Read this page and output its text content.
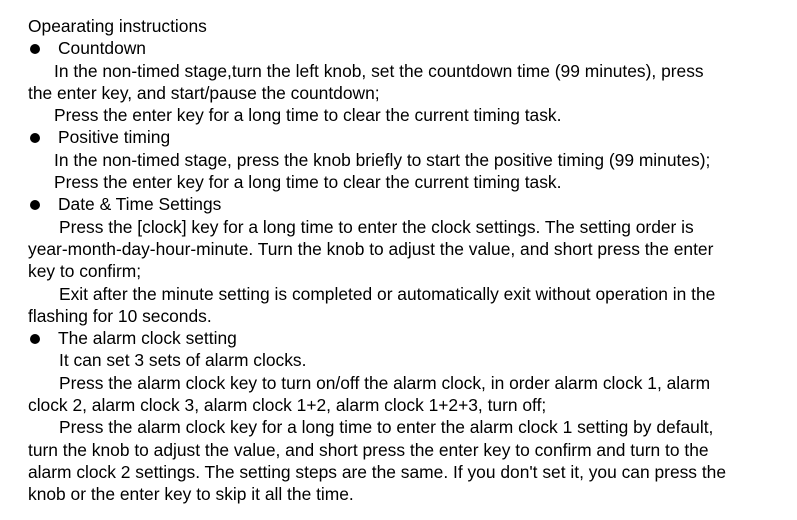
Opearating instructions
Countdown
In the non-timed stage,turn the left knob, set the countdown time (99 minutes), press
the enter key, and start/pause the countdown;
Press the enter key for a long time to clear the current timing task.
Positive timing
In the non-timed stage, press the knob briefly to start the positive timing (99 minutes);
Press the enter key for a long time to clear the current timing task.
Date & Time Settings
Press the [clock] key for a long time to enter the clock settings. The setting order is
year-month-day-hour-minute. Turn the knob to adjust the value, and short press the enter
key to confirm;
Exit after the minute setting is completed or automatically exit without operation in the
flashing for 10 seconds.
The alarm clock setting
It can set 3 sets of alarm clocks.
Press the alarm clock key to turn on/off the alarm clock, in order alarm clock 1, alarm
clock 2, alarm clock 3, alarm clock 1+2, alarm clock 1+2+3, turn off;
Press the alarm clock key for a long time to enter the alarm clock 1 setting by default,
turn the knob to adjust the value, and short press the enter key to confirm and turn to the
alarm clock 2 settings. The setting steps are the same. If you don't set it, you can press the
knob or the enter key to skip it all the time.
